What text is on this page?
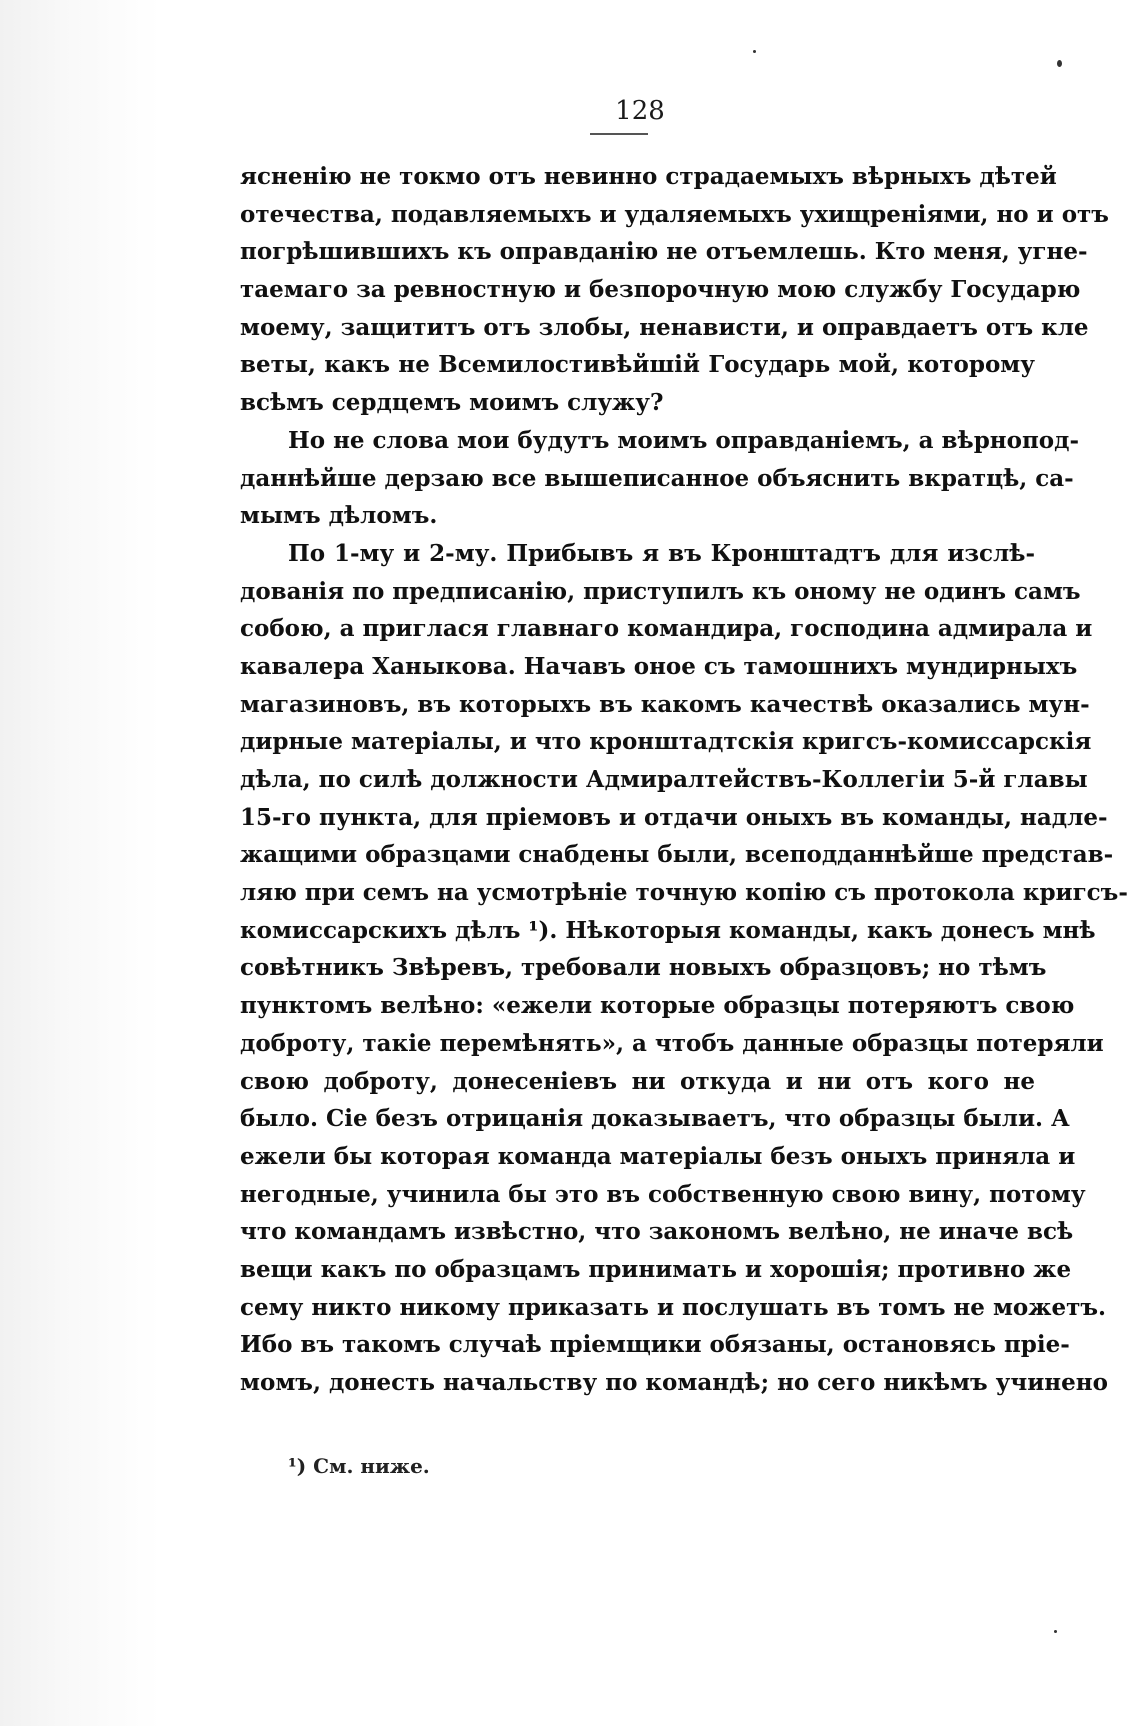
128
ясненію не токмо отъ невинно страдаемыхъ вѣрныхъ дѣтей
отечества, подавляемыхъ и удаляемыхъ ухищреніями, но и отъ
погрѣшившихъ къ оправданію не отъемлешь. Кто меня, угне-
таемаго за ревностную и безпорочную мою службу Государю
моему, защититъ отъ злобы, ненависти, и оправдаетъ отъ кле
веты, какъ не Всемилостивѣйшій Государь мой, которому
всѣмъ сердцемъ моимъ служу?
Но не слова мои будутъ моимъ оправданіемъ, а вѣрнопод-
даннѣйше дерзаю все вышеписанное объяснить вкратцѣ, са-
мымъ дѣломъ.
По 1-му и 2-му. Прибывъ я въ Кронштадтъ для изслѣ-
дованія по предписанію, приступилъ къ оному не одинъ самъ
собою, а приглася главнаго командира, господина адмирала и
кавалера Ханыкова. Начавъ оное съ тамошнихъ мундирныхъ
магазиновъ, въ которыхъ въ какомъ качествѣ оказались мун-
дирные матеріалы, и что кронштадтскія кригсъ-комиссарскія
дѣла, по силѣ должности Адмиралтействъ-Коллегіи 5-й главы
15-го пункта, для пріемовъ и отдачи оныхъ въ команды, надле-
жащими образцами снабдены были, всеподданнѣйше представ-
ляю при семъ на усмотрѣніе точную копію съ протокола кригсъ-
комиссарскихъ дѣлъ ¹). Нѣкоторыя команды, какъ донесъ мнѣ
совѣтникъ Звѣревъ, требовали новыхъ образцовъ; но тѣмъ
пунктомъ велѣно: «ежели которые образцы потеряютъ свою
доброту, такіе перемѣнять», а чтобъ данные образцы потеряли
свою доброту, донесеніевъ ни откуда и ни отъ кого не
было. Сіе безъ отрицанія доказываетъ, что образцы были. А
ежели бы которая команда матеріалы безъ оныхъ приняла и
негодные, учинила бы это въ собственную свою вину, потому
что командамъ извѣстно, что закономъ велѣно, не иначе всѣ
вещи какъ по образцамъ принимать и хорошія; противно же
сему никто никому приказать и послушать въ томъ не можетъ.
Ибо въ такомъ случаѣ пріемщики обязаны, остановясь пріе-
момъ, донесть начальству по командѣ; но сего никѣмъ учинено
¹) См. ниже.
